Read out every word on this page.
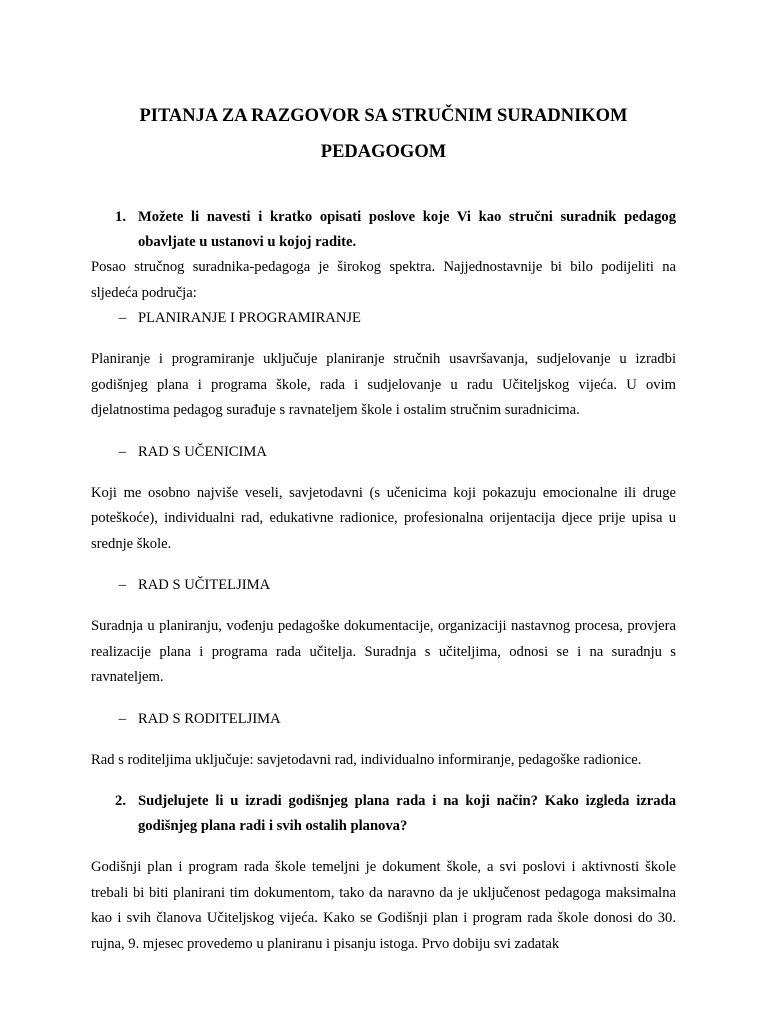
PITANJA ZA RAZGOVOR SA STRUČNIM SURADNIKOM
PEDAGOGOM
1. Možete li navesti i kratko opisati poslove koje Vi kao stručni suradnik pedagog obavljate u ustanovi u kojoj radite.

Posao stručnog suradnika-pedagoga je širokog spektra. Najjednostavnije bi bilo podijeliti na sljedeća područja:

– PLANIRANJE I PROGRAMIRANJE

Planiranje i programiranje uključuje planiranje stručnih usavršavanja, sudjelovanje u izradbi godišnjeg plana i programa škole, rada i sudjelovanje u radu Učiteljskog vijeća. U ovim djelatnostima pedagog surađuje s ravnateljem škole i ostalim stručnim suradnicima.

– RAD S UČENICIMA

Koji me osobno najviše veseli, savjetodavni (s učenicima koji pokazuju emocionalne ili druge poteškoće), individualni rad, edukativne radionice, profesionalna orijentacija djece prije upisa u srednje škole.

– RAD S UČITELJIMA

Suradnja u planiranju, vođenju pedagoške dokumentacije, organizaciji nastavnog procesa, provjera realizacije plana i programa rada učitelja. Suradnja s učiteljima, odnosi se i na suradnju s ravnateljem.

– RAD S RODITELJIMA

Rad s roditeljima uključuje: savjetodavni rad, individualno informiranje, pedagoške radionice.

2. Sudjelujete li u izradi godišnjeg plana rada i na koji način? Kako izgleda izrada godišnjeg plana radi i svih ostalih planova?

Godišnji plan i program rada škole temeljni je dokument škole, a svi poslovi i aktivnosti škole trebali bi biti planirani tim dokumentom, tako da naravno da je uključenost pedagoga maksimalna kao i svih članova Učiteljskog vijeća. Kako se Godišnji plan i program rada škole donosi do 30. rujna, 9. mjesec provedemo u planiranu i pisanju istoga. Prvo dobiju svi zadatak
